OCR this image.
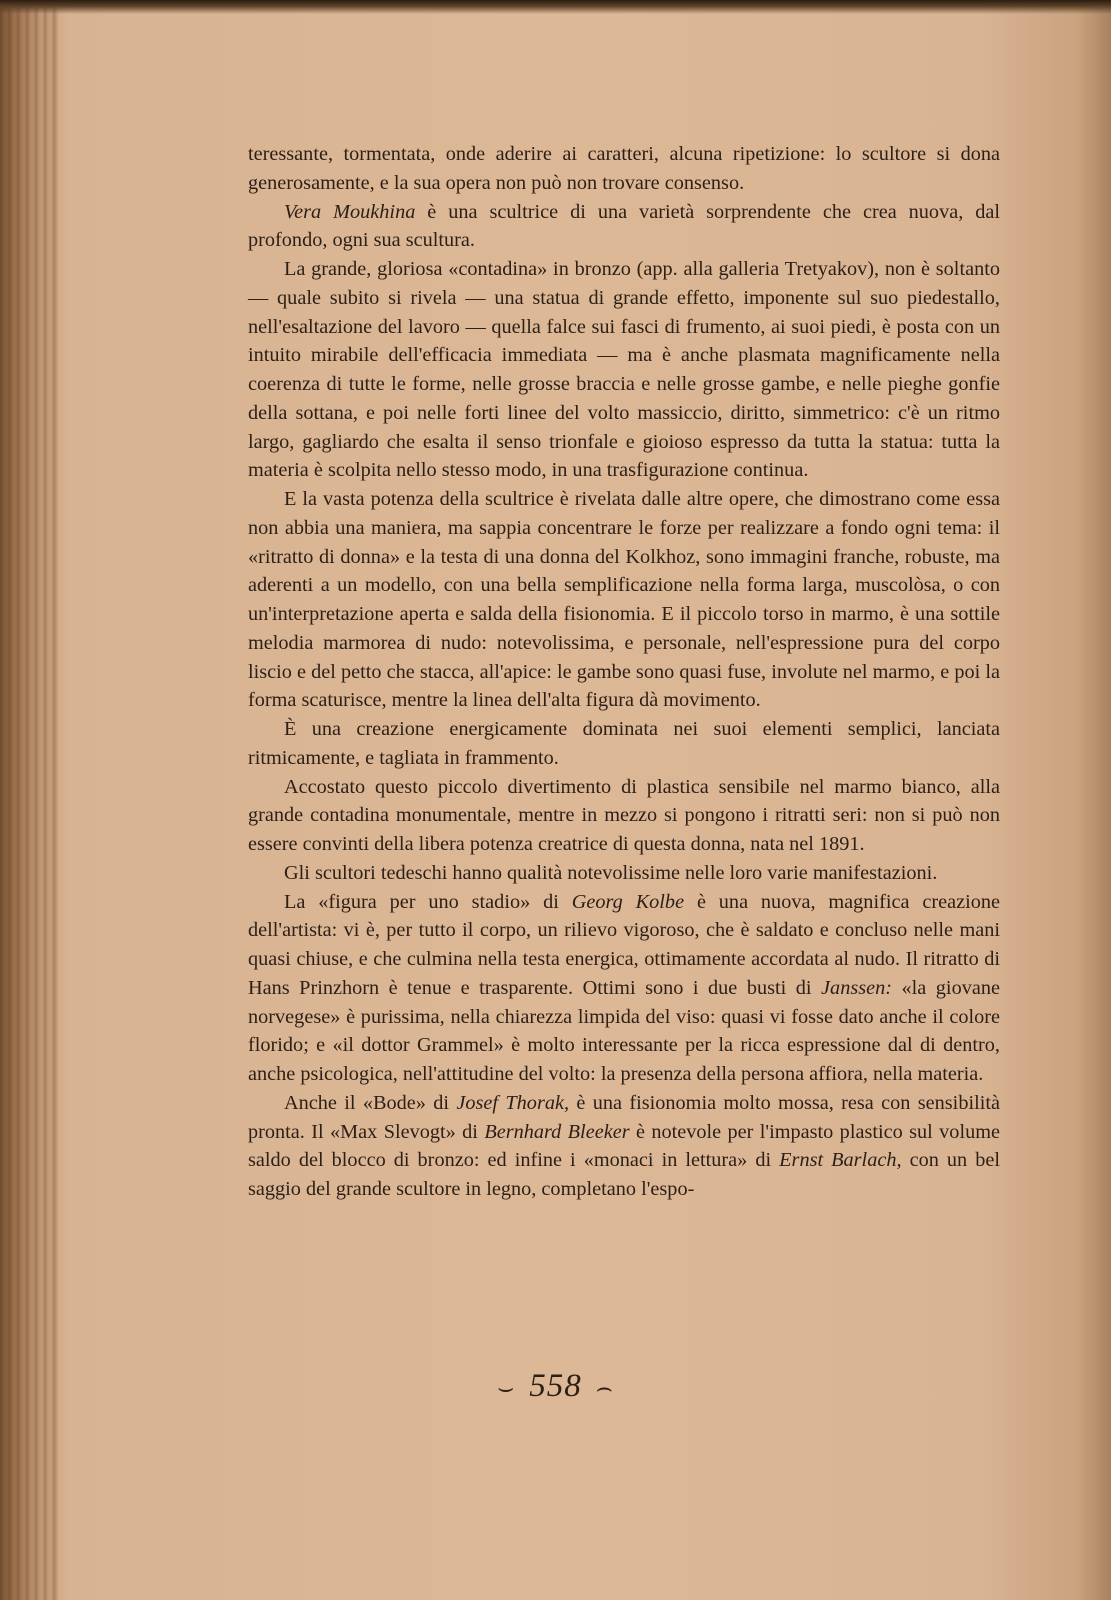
teressante, tormentata, onde aderire ai caratteri, alcuna ripetizione: lo scultore si dona generosamente, e la sua opera non può non trovare consenso.

Vera Moukhina è una scultrice di una varietà sorprendente che crea nuova, dal profondo, ogni sua scultura.

La grande, gloriosa «contadina» in bronzo (app. alla galleria Tretyakov), non è soltanto — quale subito si rivela — una statua di grande effetto, imponente sul suo piedestallo, nell'esaltazione del lavoro — quella falce sui fasci di frumento, ai suoi piedi, è posta con un intuito mirabile dell'efficacia immediata — ma è anche plasmata magnificamente nella coerenza di tutte le forme, nelle grosse braccia e nelle grosse gambe, e nelle pieghe gonfie della sottana, e poi nelle forti linee del volto massiccio, diritto, simmetrico: c'è un ritmo largo, gagliardo che esalta il senso trionfale e gioioso espresso da tutta la statua: tutta la materia è scolpita nello stesso modo, in una trasfigurazione continua.

E la vasta potenza della scultrice è rivelata dalle altre opere, che dimostrano come essa non abbia una maniera, ma sappia concentrare le forze per realizzare a fondo ogni tema: il «ritratto di donna» e la testa di una donna del Kolkhoz, sono immagini franche, robuste, ma aderenti a un modello, con una bella semplificazione nella forma larga, muscolòsa, o con un'interpretazione aperta e salda della fisionomia. E il piccolo torso in marmo, è una sottile melodia marmorea di nudo: notevolissima, e personale, nell'espressione pura del corpo liscio e del petto che stacca, all'apice: le gambe sono quasi fuse, involute nel marmo, e poi la forma scaturisce, mentre la linea dell'alta figura dà movimento.

È una creazione energicamente dominata nei suoi elementi semplici, lanciata ritmicamente, e tagliata in frammento.

Accostato questo piccolo divertimento di plastica sensibile nel marmo bianco, alla grande contadina monumentale, mentre in mezzo si pongono i ritratti seri: non si può non essere convinti della libera potenza creatrice di questa donna, nata nel 1891.

Gli scultori tedeschi hanno qualità notevolissime nelle loro varie manifestazioni.

La «figura per uno stadio» di Georg Kolbe è una nuova, magnifica creazione dell'artista: vi è, per tutto il corpo, un rilievo vigoroso, che è saldato e concluso nelle mani quasi chiuse, e che culmina nella testa energica, ottimamente accordata al nudo. Il ritratto di Hans Prinzhorn è tenue e trasparente. Ottimi sono i due busti di Janssen: «la giovane norvegese» è purissima, nella chiarezza limpida del viso: quasi vi fosse dato anche il colore florido; e «il dottor Grammel» è molto interessante per la ricca espressione dal di dentro, anche psicologica, nell'attitudine del volto: la presenza della persona affiora, nella materia.

Anche il «Bode» di Josef Thorak, è una fisionomia molto mossa, resa con sensibilità pronta. Il «Max Slevogt» di Bernhard Bleeker è notevole per l'impasto plastico sul volume saldo del blocco di bronzo: ed infine i «monaci in lettura» di Ernst Barlach, con un bel saggio del grande scultore in legno, completano l'espo-

⌣ 558 ⌢
